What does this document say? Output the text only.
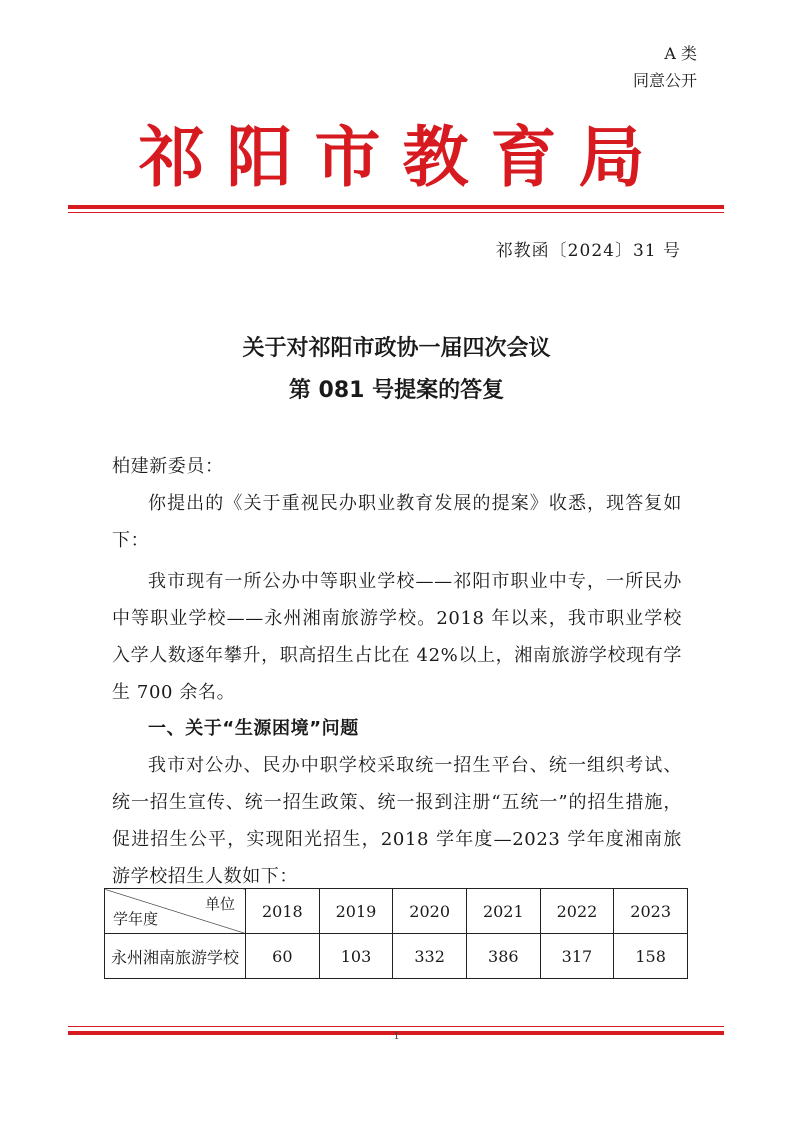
A 类
同意公开
祁阳市教育局
祁教函〔2024〕31 号
关于对祁阳市政协一届四次会议
第 081 号提案的答复
柏建新委员：
你提出的《关于重视民办职业教育发展的提案》收悉，现答复如下：
我市现有一所公办中等职业学校——祁阳市职业中专，一所民办中等职业学校——永州湘南旅游学校。2018 年以来，我市职业学校入学人数逐年攀升，职高招生占比在 42%以上，湘南旅游学校现有学生 700 余名。
一、关于“生源困境”问题
我市对公办、民办中职学校采取统一招生平台、统一组织考试、统一招生宣传、统一招生政策、统一报到注册“五统一”的招生措施，促进招生公平，实现阳光招生，2018 学年度—2023 学年度湘南旅游学校招生人数如下：
单位
学年度	2018	2019	2020	2021	2022	2023
永州湘南旅游学校	60	103	332	386	317	158
1
